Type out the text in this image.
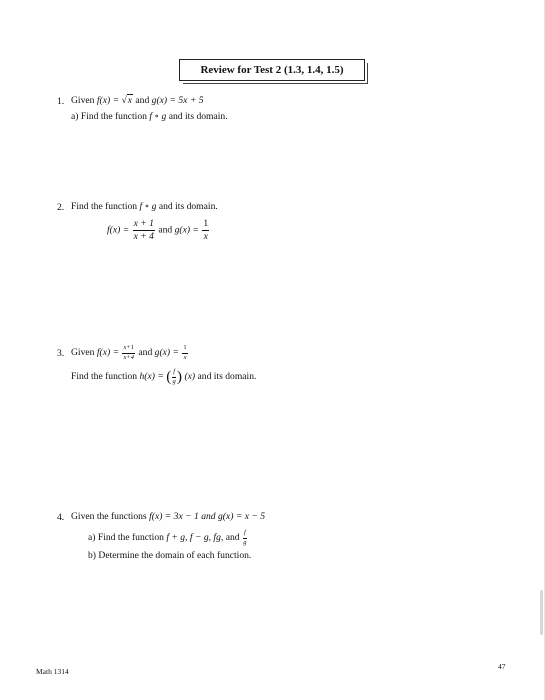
Review for Test 2 (1.3, 1.4, 1.5)
1. Given f(x) = √x and g(x) = 5x + 5
a) Find the function f ∘ g and its domain.
2. Find the function f ∘ g and its domain.
$f(x) = \frac{x + 1}{x + 4}$ and $g(x) = \frac{1}{x}$
3. Given $f(x) = \frac{x+1}{x+4}$ and $g(x) = \frac{1}{x}$
Find the function h(x) = ( $\frac{f}{g}$ ) (x) and its domain.
4. Given the functions f(x) = 3x − 1 and g(x) = x − 5
a) Find the function f + g, f − g, fg, and $\frac{f}{g}$
b) Determine the domain of each function.
Math 1314
47
